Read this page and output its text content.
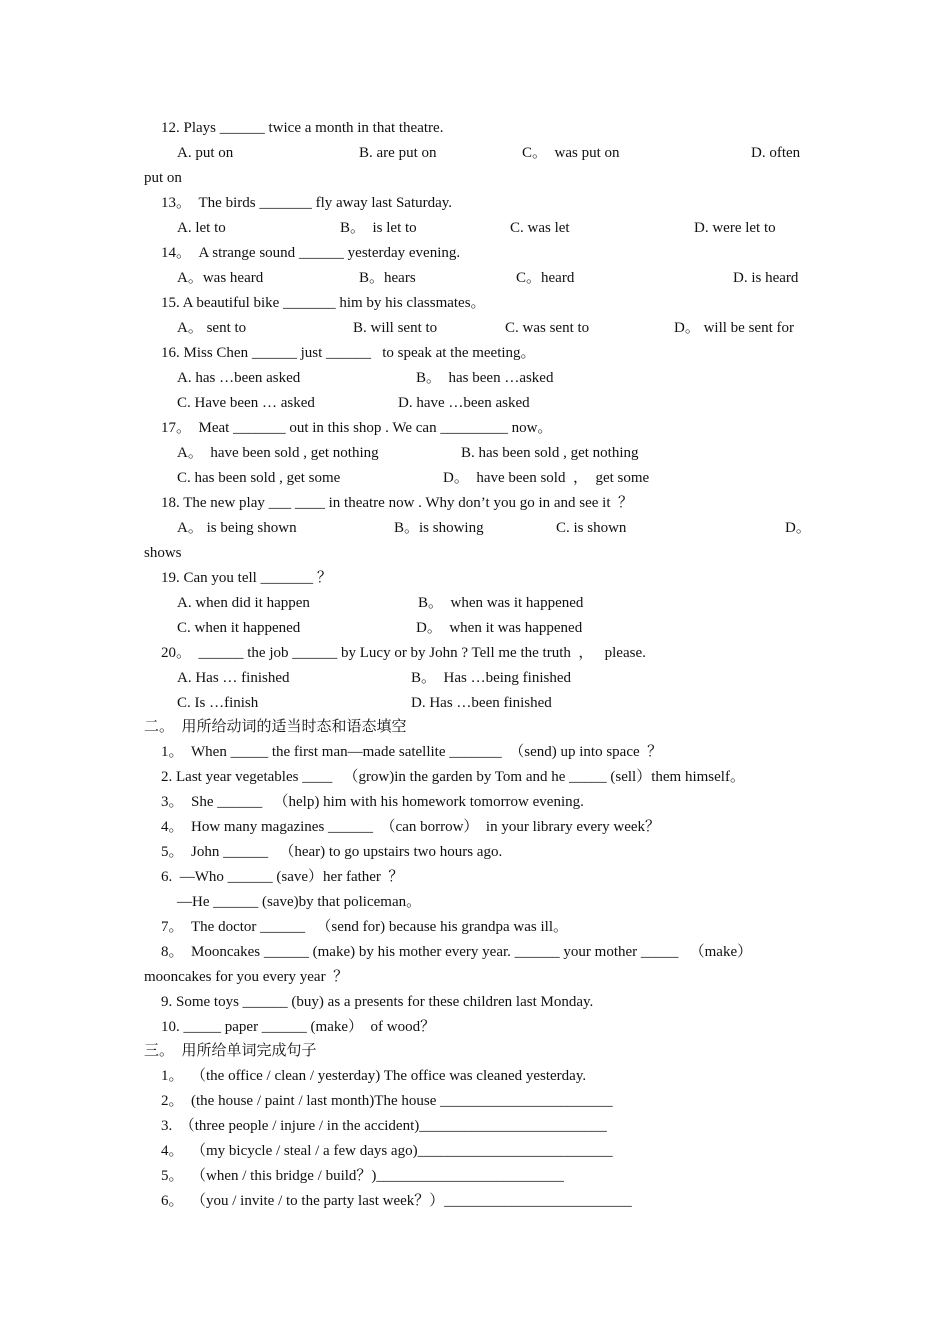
12. Plays ______ twice a month in that theatre.
A. put on	B. are put on	C。  was put on	D. often
put on
13。  The birds _______ fly away last Saturday.
A. let to	B。  is let to	C. was let	D. were let to
14。  A strange sound ______ yesterday evening.
A。was heard	B。hears	C。heard	D. is heard
15. A beautiful bike _______ him by his classmates。
A。 sent to	B. will sent to	C. was sent to	D。 will be sent for
16. Miss Chen ______ just ______   to speak at the meeting。
A. has …been asked	B。  has been …asked
C. Have been … asked	D. have …been asked
17。  Meat _______ out in this shop . We can _________ now。
A。  have been sold , get nothing	B. has been sold , get nothing
C. has been sold , get some	D。  have been sold  ，  get some
18. The new play ___ ____ in theatre now . Why don’t you go in and see it  ？
A。 is being shown	B。is showing	C. is shown	D。
shows
19. Can you tell _______ ？
A. when did it happen	B。  when was it happened
C. when it happened	D。  when it was happened
20。  ______ the job ______ by Lucy or by John ? Tell me the truth  ，   please.
A. Has … finished	B。  Has …being finished
C. Is …finish	D. Has …been finished
二。  用所给动词的适当时态和语态填空
1。  When _____ the first man—made satellite _______  （send) up into space  ？
2. Last year vegetables ____   （grow)in the garden by Tom and he _____ (sell）them himself。
3。  She ______   （help) him with his homework tomorrow evening.
4。  How many magazines ______  （can borrow）  in your library every week？
5。  John ______   （hear) to go upstairs two hours ago.
6.  —Who ______ (save）her father  ？
—He ______ (save)by that policeman。
7。  The doctor ______   （send for) because his grandpa was ill。
8。  Mooncakes ______ (make) by his mother every year. ______ your mother _____   （make）
mooncakes for you every year  ？
9. Some toys ______ (buy) as a presents for these children last Monday.
10. _____ paper ______ (make）  of wood？
三。  用所给单词完成句子
1。  （the office / clean / yesterday) The office was cleaned yesterday.
2。  (the house / paint / last month)The house _______________________
3.  （three people / injure / in the accident)_________________________
4。  （my bicycle / steal / a few days ago)__________________________
5。  （when / this bridge / build？)_________________________
6。  （you / invite / to the party last week？）_________________________
